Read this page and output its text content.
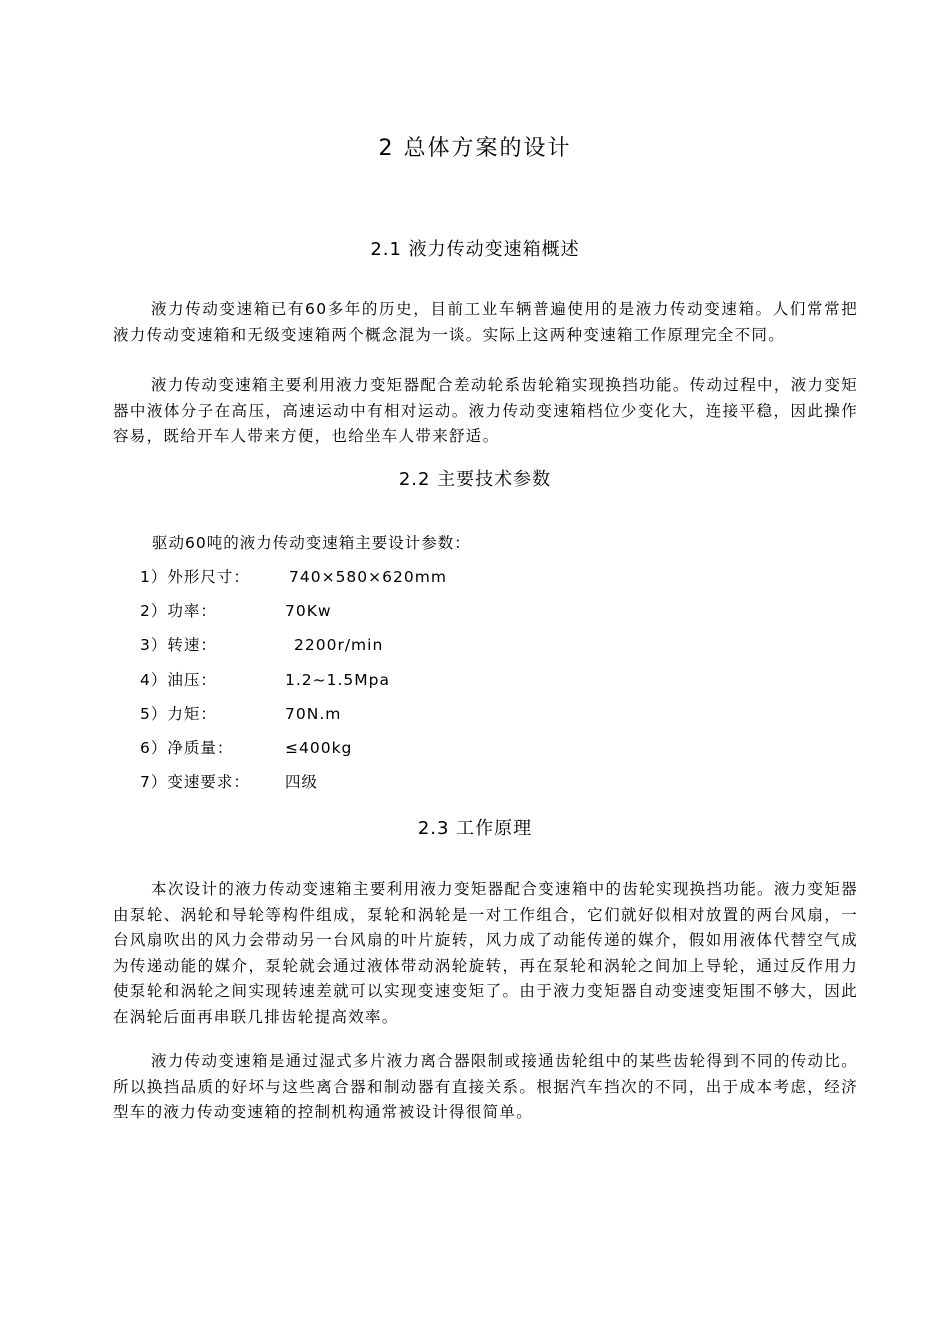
2 总体方案的设计
2.1 液力传动变速箱概述

液力传动变速箱已有60多年的历史，目前工业车辆普遍使用的是液力传动变速箱。人们常常把液力传动变速箱和无级变速箱两个概念混为一谈。实际上这两种变速箱工作原理完全不同。

液力传动变速箱主要利用液力变矩器配合差动轮系齿轮箱实现换挡功能。传动过程中，液力变矩器中液体分子在高压，高速运动中有相对运动。液力传动变速箱档位少变化大，连接平稳，因此操作容易，既给开车人带来方便，也给坐车人带来舒适。

2.2 主要技术参数
驱动60吨的液力传动变速箱主要设计参数：
1）外形尺寸：	740×580×620mm
2）功率：	70Kw
3）转速：	2200r/min
4）油压：	1.2~1.5Mpa
5）力矩：	70N.m
6）净质量：	≤400kg
7）变速要求： 四级
2.3 工作原理

本次设计的液力传动变速箱主要利用液力变矩器配合变速箱中的齿轮实现换挡功能。液力变矩器由泵轮、涡轮和导轮等构件组成，泵轮和涡轮是一对工作组合，它们就好似相对放置的两台风扇，一台风扇吹出的风力会带动另一台风扇的叶片旋转，风力成了动能传递的媒介，假如用液体代替空气成为传递动能的媒介，泵轮就会通过液体带动涡轮旋转，再在泵轮和涡轮之间加上导轮，通过反作用力使泵轮和涡轮之间实现转速差就可以实现变速变矩了。由于液力变矩器自动变速变矩围不够大，因此在涡轮后面再串联几排齿轮提高效率。

液力传动变速箱是通过湿式多片液力离合器限制或接通齿轮组中的某些齿轮得到不同的传动比。所以换挡品质的好坏与这些离合器和制动器有直接关系。根据汽车挡次的不同，出于成本考虑，经济型车的液力传动变速箱的控制机构通常被设计得很简单。
